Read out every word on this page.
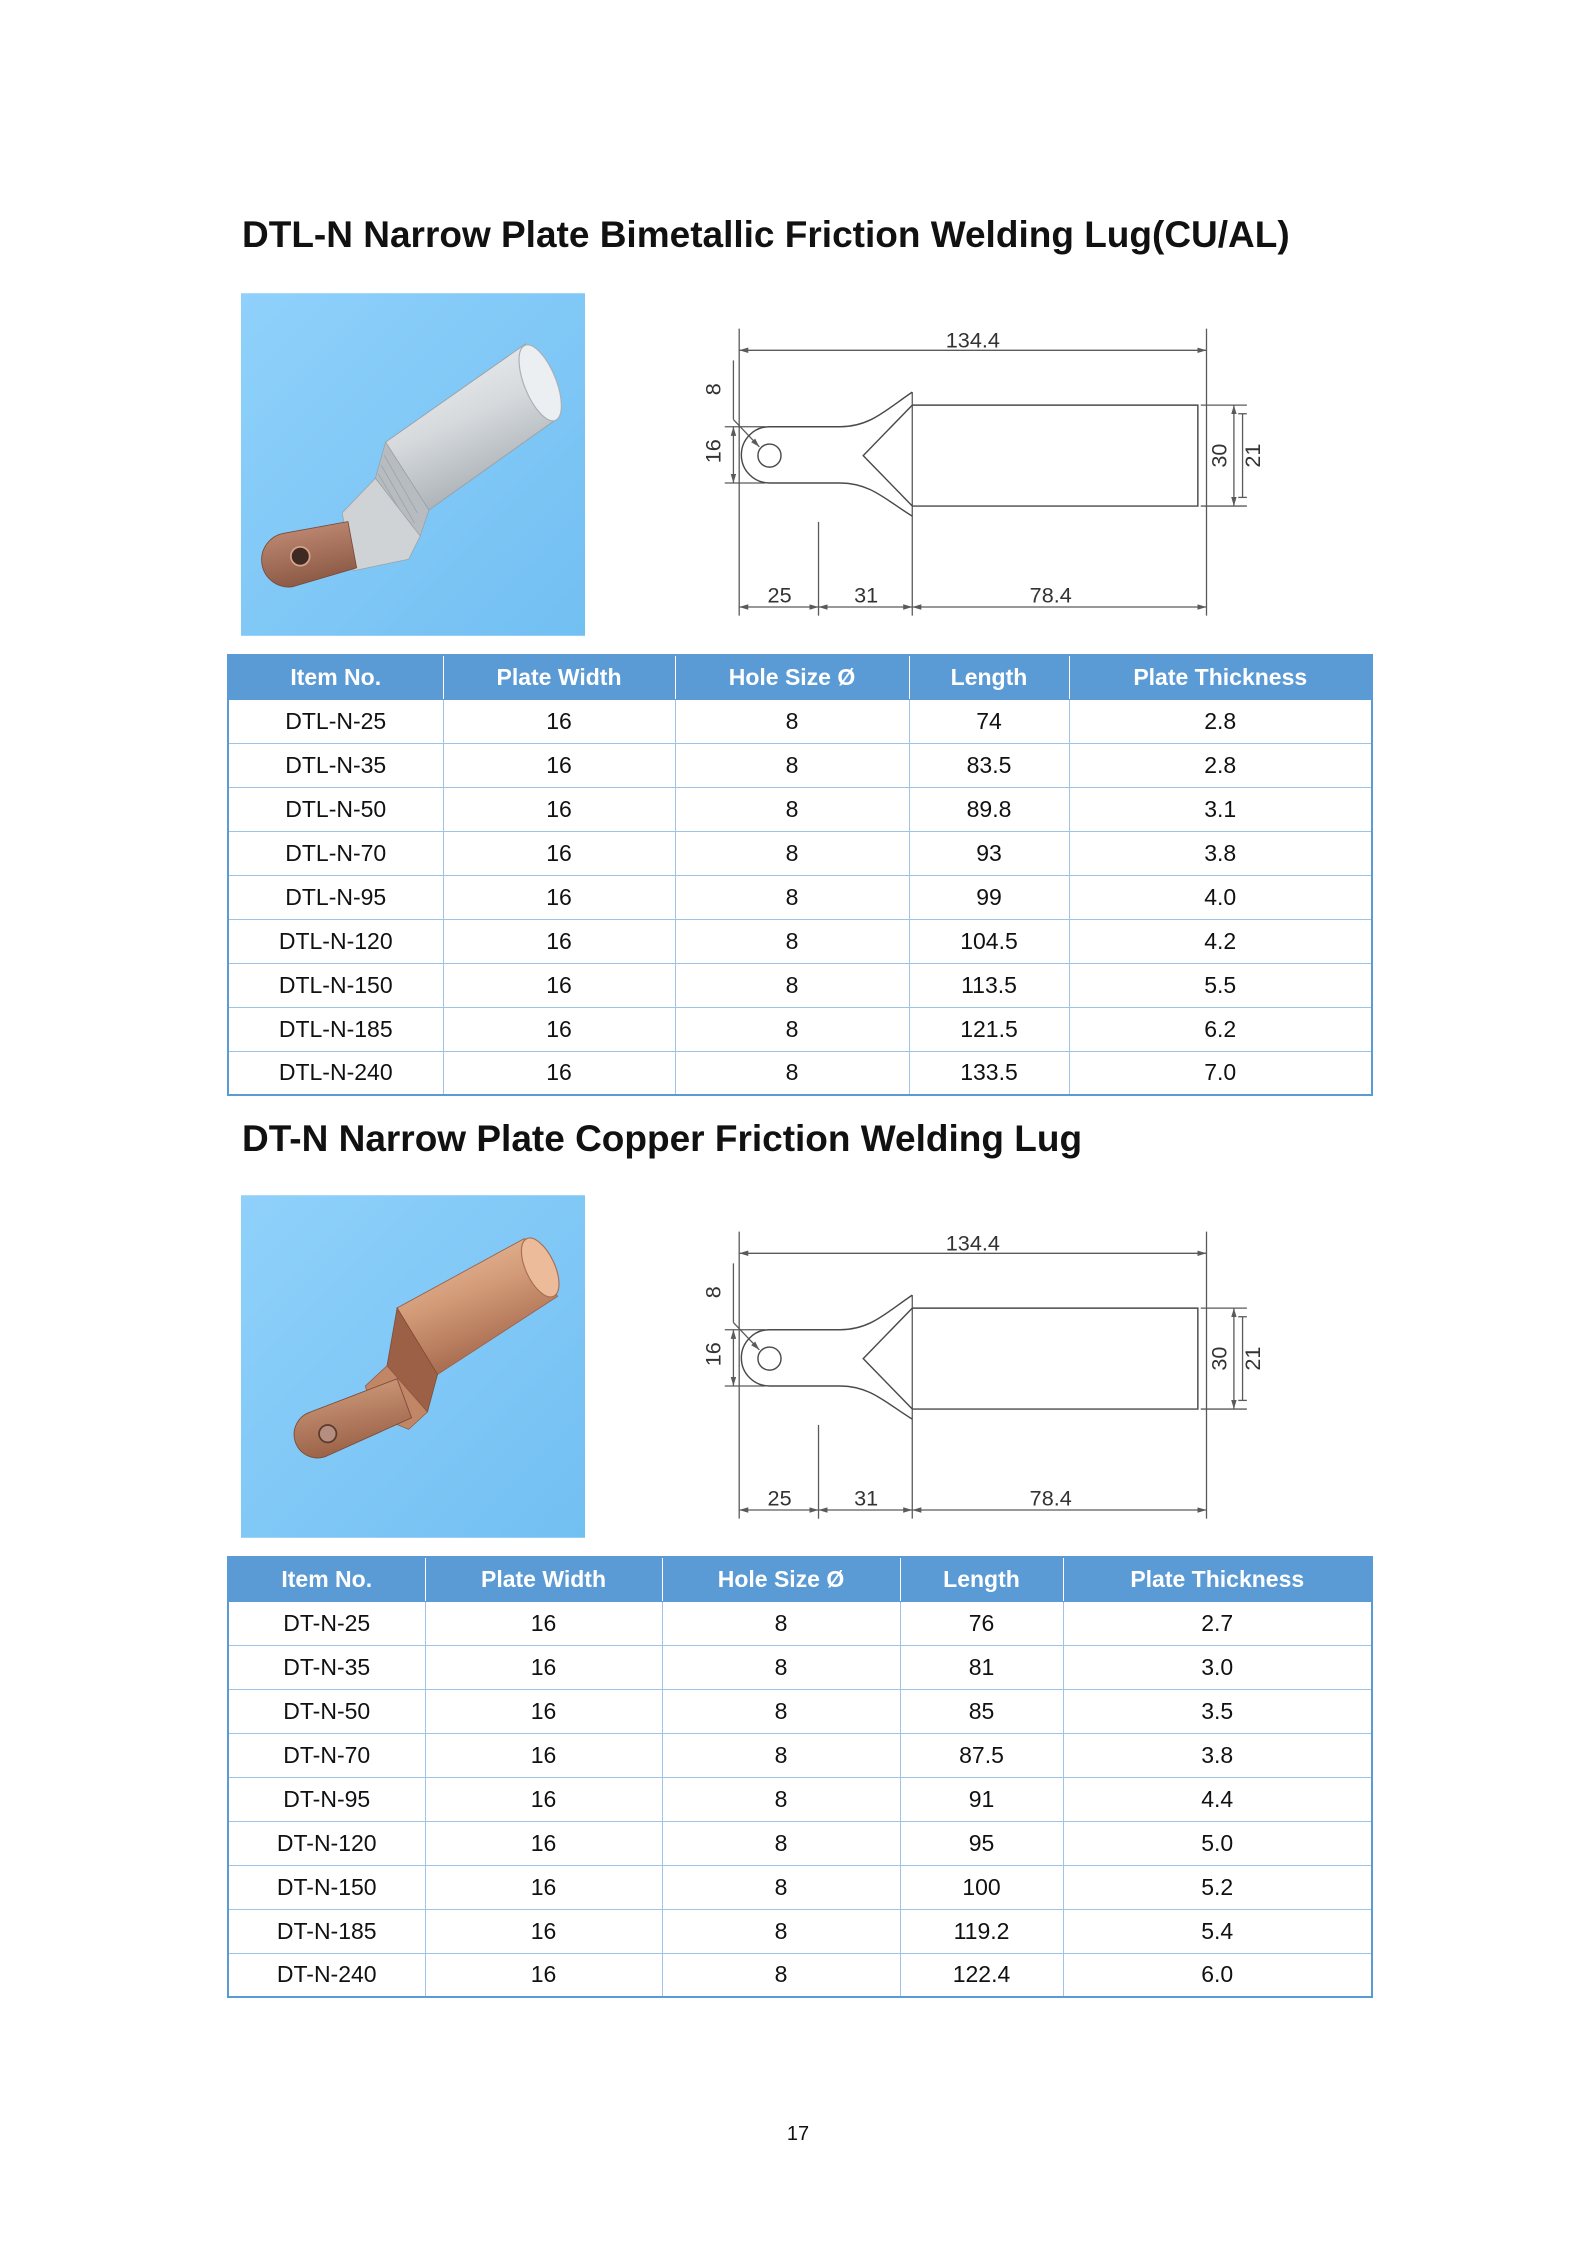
DTL-N Narrow Plate Bimetallic Friction Welding Lug(CU/AL)
134.4
8
16	30 21
25	31	78.4
Item No.	Plate Width	Hole Size Ø	Length	Plate Thickness
DTL-N-25	16	8	74	2.8
DTL-N-35	16	8	83.5	2.8
DTL-N-50	16	8	89.8	3.1
DTL-N-70	16	8	93	3.8
DTL-N-95	16	8	99	4.0
DTL-N-120	16	8	104.5	4.2
DTL-N-150	16	8	113.5	5.5
DTL-N-185	16	8	121.5	6.2
DTL-N-240	16	8	133.5	7.0
DT-N Narrow Plate Copper Friction Welding Lug
134.4
8
16	30 21
25	31	78.4
Item No.	Plate Width	Hole Size Ø	Length	Plate Thickness
DT-N-25	16	8	76	2.7
DT-N-35	16	8	81	3.0
DT-N-50	16	8	85	3.5
DT-N-70	16	8	87.5	3.8
DT-N-95	16	8	91	4.4
DT-N-120	16	8	95	5.0
DT-N-150	16	8	100	5.2
DT-N-185	16	8	119.2	5.4
DT-N-240	16	8	122.4	6.0
17
